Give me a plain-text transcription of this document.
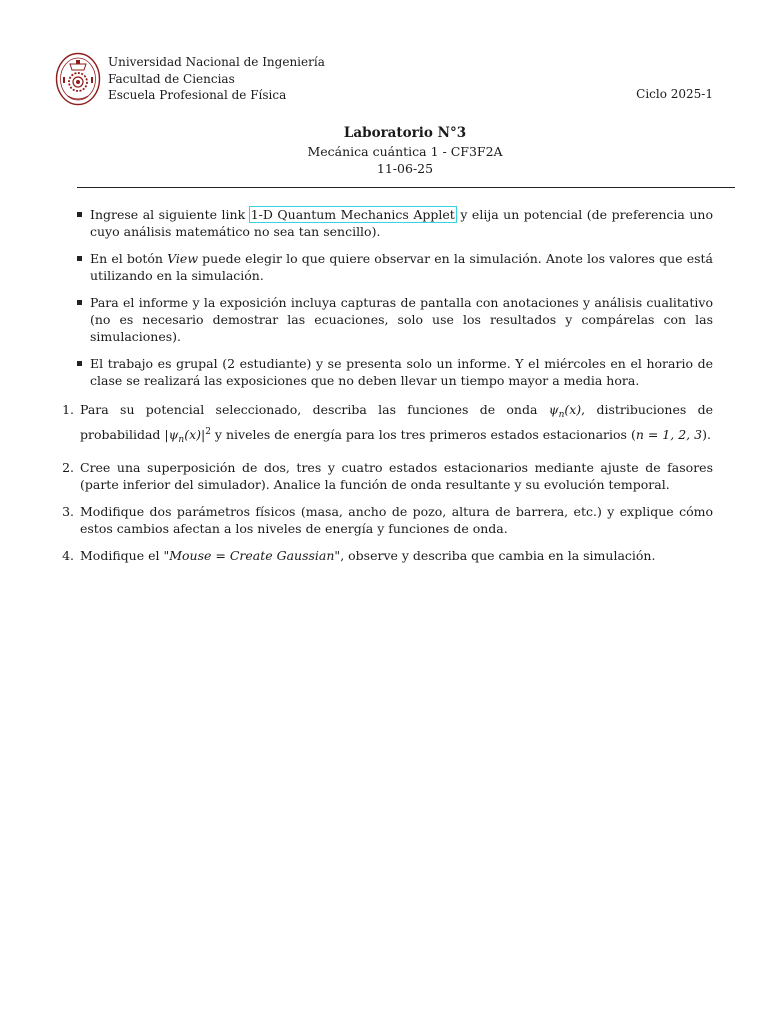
Universidad Nacional de Ingeniería
Facultad de Ciencias
Escuela Profesional de Física	Ciclo 2025-1
Laboratorio N°3
Mecánica cuántica 1 - CF3F2A
11-06-25
Ingrese al siguiente link 1-D Quantum Mechanics Applet y elija un potencial (de preferencia uno cuyo análisis matemático no sea tan sencillo).
En el botón View puede elegir lo que quiere observar en la simulación. Anote los valores que está utilizando en la simulación.
Para el informe y la exposición incluya capturas de pantalla con anotaciones y análisis cualitativo (no es necesario demostrar las ecuaciones, solo use los resultados y compárelas con las simulaciones).
El trabajo es grupal (2 estudiante) y se presenta solo un informe. Y el miércoles en el horario de clase se realizará las exposiciones que no deben llevar un tiempo mayor a media hora.
1. Para su potencial seleccionado, describa las funciones de onda $\psi_n(x)$, distribuciones de probabilidad $|\psi_n(x)|^2$ y niveles de energía para los tres primeros estados estacionarios (n = 1, 2, 3).
2. Cree una superposición de dos, tres y cuatro estados estacionarios mediante ajuste de fasores (parte inferior del simulador). Analice la función de onda resultante y su evolución temporal.
3. Modifique dos parámetros físicos (masa, ancho de pozo, altura de barrera, etc.) y explique cómo estos cambios afectan a los niveles de energía y funciones de onda.
4. Modifique el "Mouse = Create Gaussian", observe y describa que cambia en la simulación.
